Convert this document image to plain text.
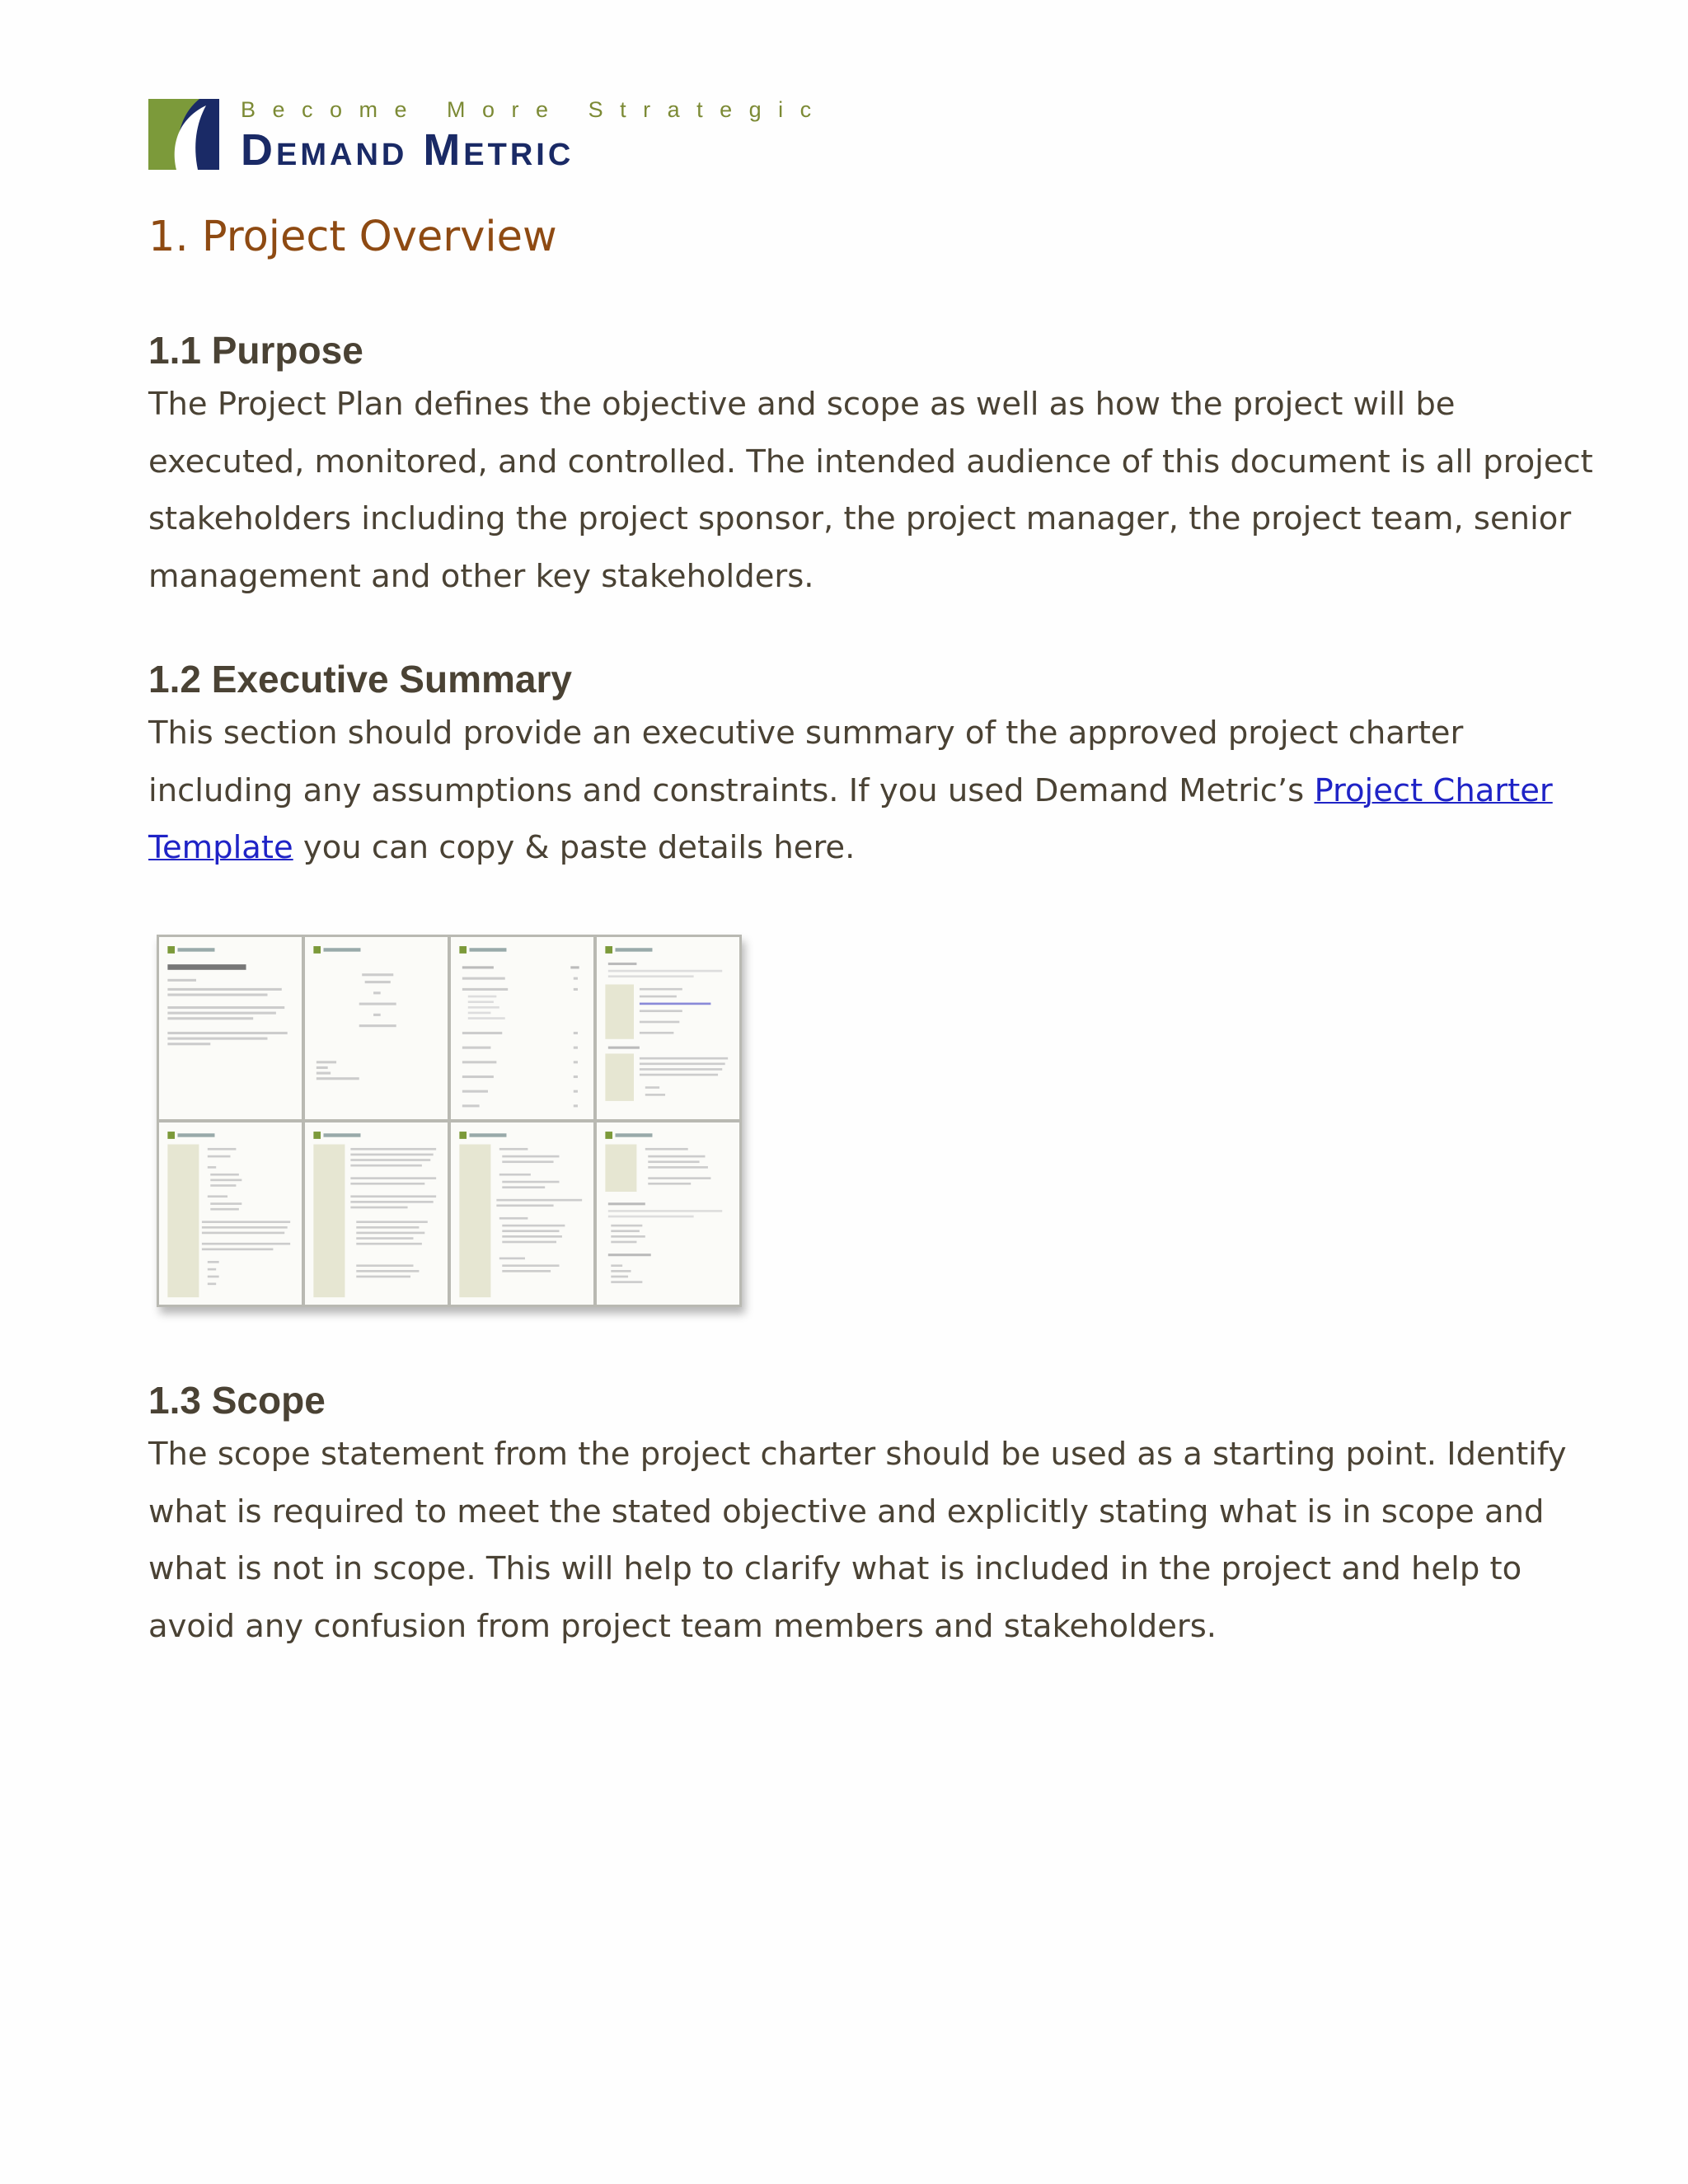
Become More Strategic
Demand Metric
1. Project Overview
1.1 Purpose
The Project Plan defines the objective and scope as well as how the project will be
executed, monitored, and controlled. The intended audience of this document is all project
stakeholders including the project sponsor, the project manager, the project team, senior
management and other key stakeholders.
1.2 Executive Summary
This section should provide an executive summary of the approved project charter
including any assumptions and constraints. If you used Demand Metric’s Project Charter
Template you can copy & paste details here.
1.3 Scope
The scope statement from the project charter should be used as a starting point. Identify
what is required to meet the stated objective and explicitly stating what is in scope and
what is not in scope. This will help to clarify what is included in the project and help to
avoid any confusion from project team members and stakeholders.
